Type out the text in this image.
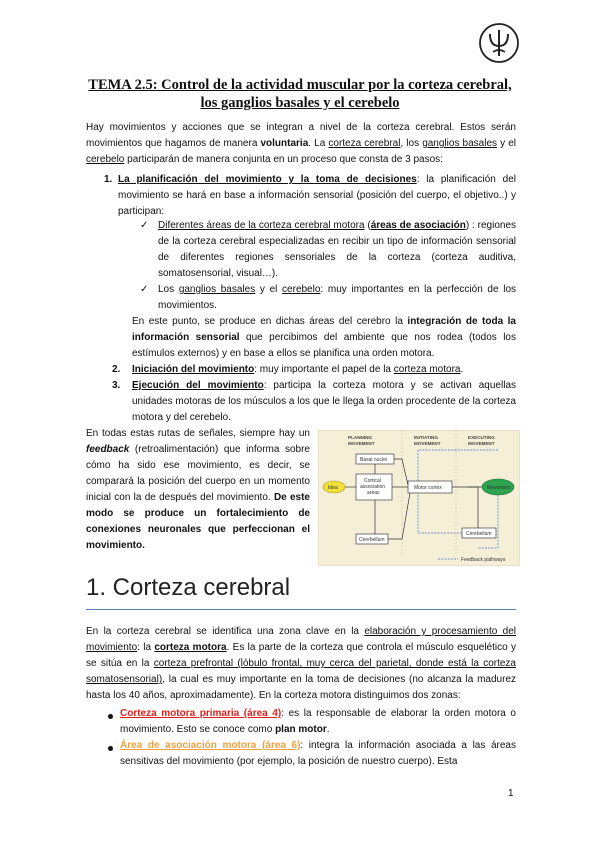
TEMA 2.5: Control de la actividad muscular por la corteza cerebral,
los ganglios basales y el cerebelo
Hay movimientos y acciones que se integran a nivel de la corteza cerebral. Estos serán movimientos que hagamos de manera voluntaria. La corteza cerebral, los ganglios basales y el cerebelo participarán de manera conjunta en un proceso que consta de 3 pasos:
1. La planificación del movimiento y la toma de decisiones: la planificación del movimiento se hará en base a información sensorial (posición del cuerpo, el objetivo..) y participan:
✓ Diferentes áreas de la corteza cerebral motora (áreas de asociación) : regiones de la corteza cerebral especializadas en recibir un tipo de información sensorial de diferentes regiones sensoriales de la corteza (corteza auditiva, somatosensorial, visual…).
✓ Los ganglios basales y el cerebelo: muy importantes en la perfección de los movimientos.
En este punto, se produce en dichas áreas del cerebro la integración de toda la información sensorial que percibimos del ambiente que nos rodea (todos los estímulos externos) y en base a ellos se planifica una orden motora.
2. Iniciación del movimiento: muy importante el papel de la corteza motora.
3. Ejecución del movimiento: participa la corteza motora y se activan aquellas unidades motoras de los músculos a los que le llega la orden procedente de la corteza motora y del cerebelo.
En todas estas rutas de señales, siempre hay un feedback (retroalimentación) que informa sobre cómo ha sido ese movimiento, es decir, se comparará la posición del cuerpo en un momento inicial con la de después del movimiento. De este modo se produce un fortalecimiento de conexiones neuronales que perfeccionan el movimiento.
PLANNING
MOVEMENT
INITIATING
MOVEMENT
EXECUTING
MOVEMENT
Basal nuclei
Cortical
association
areas
Idea	Motor cortex	Movement
Cerebellum
Cerebellum
Feedback pathways
1. Corteza cerebral
En la corteza cerebral se identifica una zona clave en la elaboración y procesamiento del movimiento: la corteza motora. Es la parte de la corteza que controla el músculo esquelético y se sitúa en la corteza prefrontal (lóbulo frontal, muy cerca del parietal, donde está la corteza somatosensorial), la cual es muy importante en la toma de decisiones (no alcanza la madurez hasta los 40 años, aproximadamente). En la corteza motora distinguimos dos zonas:
Corteza motora primaria (área 4): es la responsable de elaborar la orden motora o movimiento. Esto se conoce como plan motor.
Área de asociación motora (área 6): integra la información asociada a las áreas sensitivas del movimiento (por ejemplo, la posición de nuestro cuerpo). Esta
1
